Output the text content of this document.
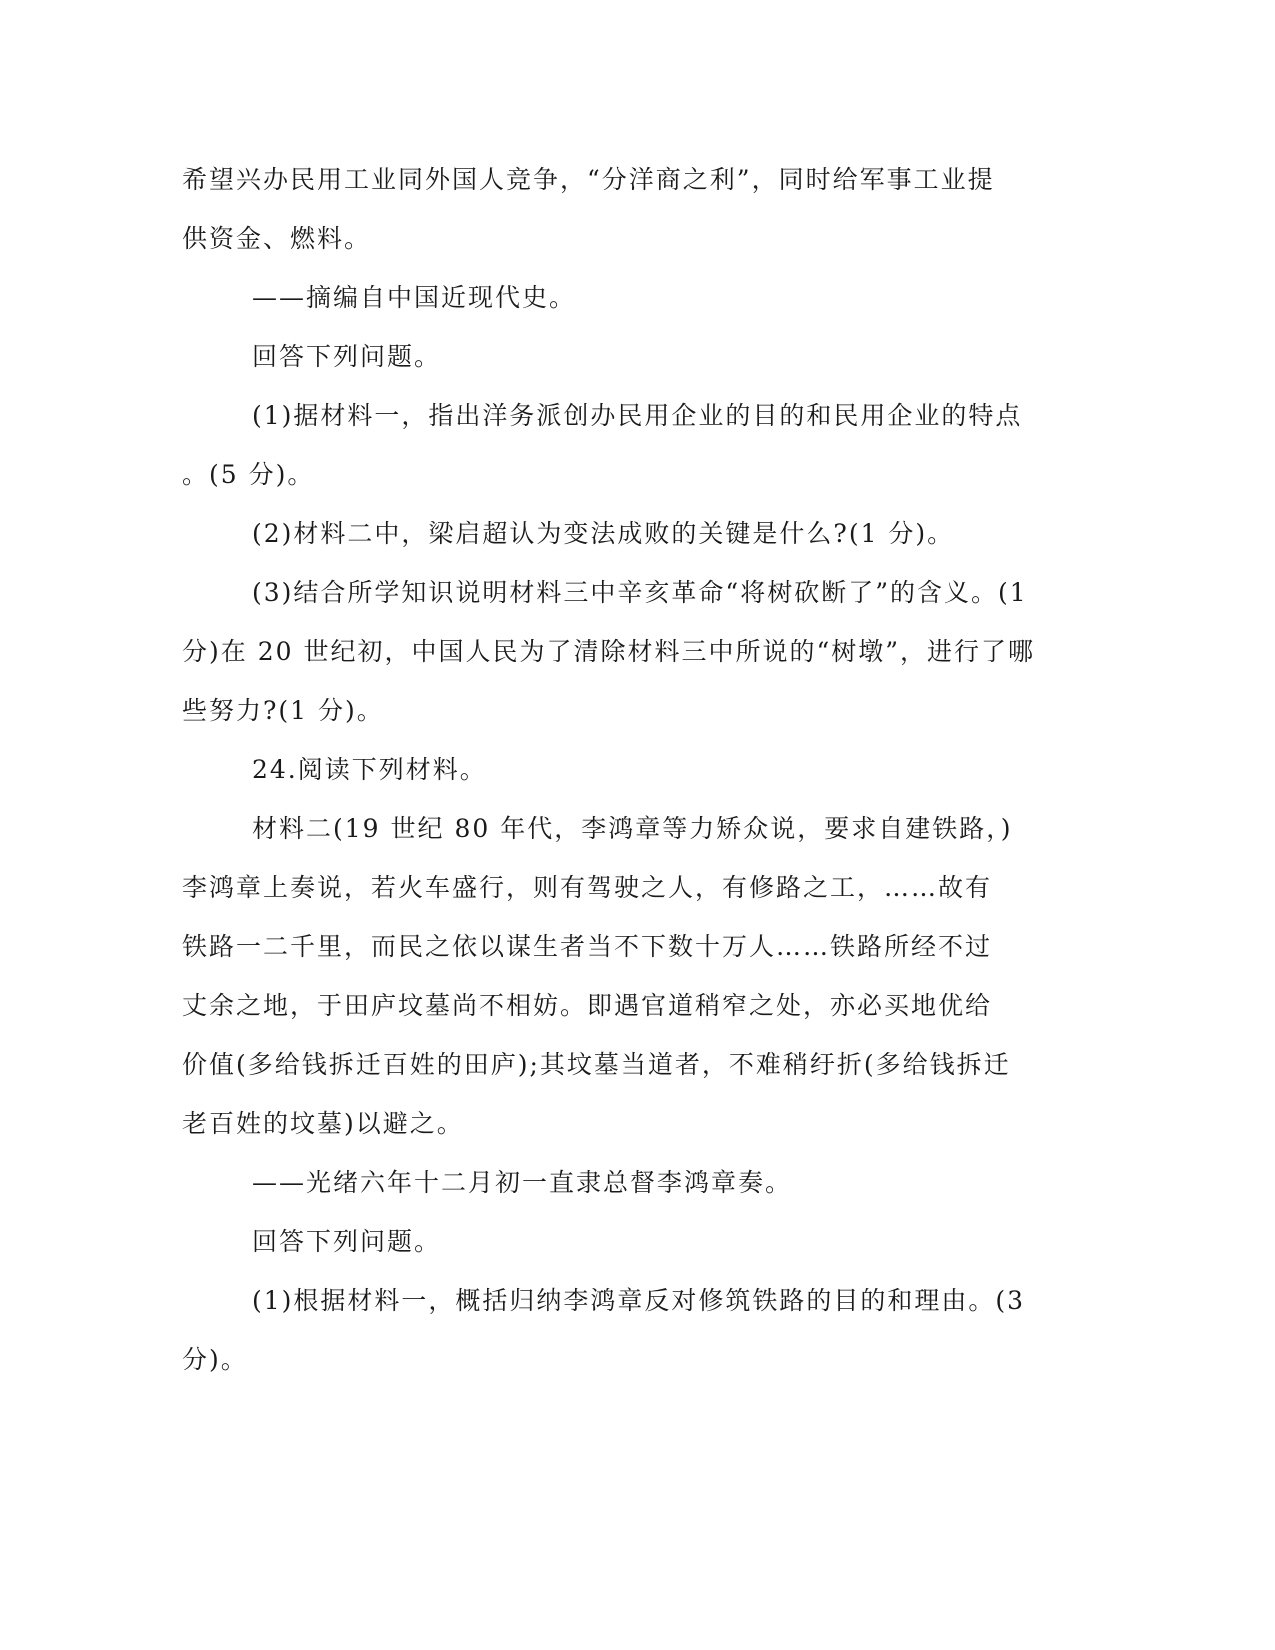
希望兴办民用工业同外国人竞争，“分洋商之利”，同时给军事工业提
供资金、燃料。
——摘编自中国近现代史。
回答下列问题。
(1)据材料一，指出洋务派创办民用企业的目的和民用企业的特点
。(5 分)。
(2)材料二中，梁启超认为变法成败的关键是什么?(1 分)。
(3)结合所学知识说明材料三中辛亥革命“将树砍断了”的含义。(1
分)在 20 世纪初，中国人民为了清除材料三中所说的“树墩”，进行了哪
些努力?(1 分)。
24.阅读下列材料。
材料二(19 世纪 80 年代，李鸿章等力矫众说，要求自建铁路，)
李鸿章上奏说，若火车盛行，则有驾驶之人，有修路之工，……故有
铁路一二千里，而民之依以谋生者当不下数十万人……铁路所经不过
丈余之地，于田庐坟墓尚不相妨。即遇官道稍窄之处，亦必买地优给
价值(多给钱拆迁百姓的田庐);其坟墓当道者，不难稍纡折(多给钱拆迁
老百姓的坟墓)以避之。
——光绪六年十二月初一直隶总督李鸿章奏。
回答下列问题。
(1)根据材料一，概括归纳李鸿章反对修筑铁路的目的和理由。(3
分)。
